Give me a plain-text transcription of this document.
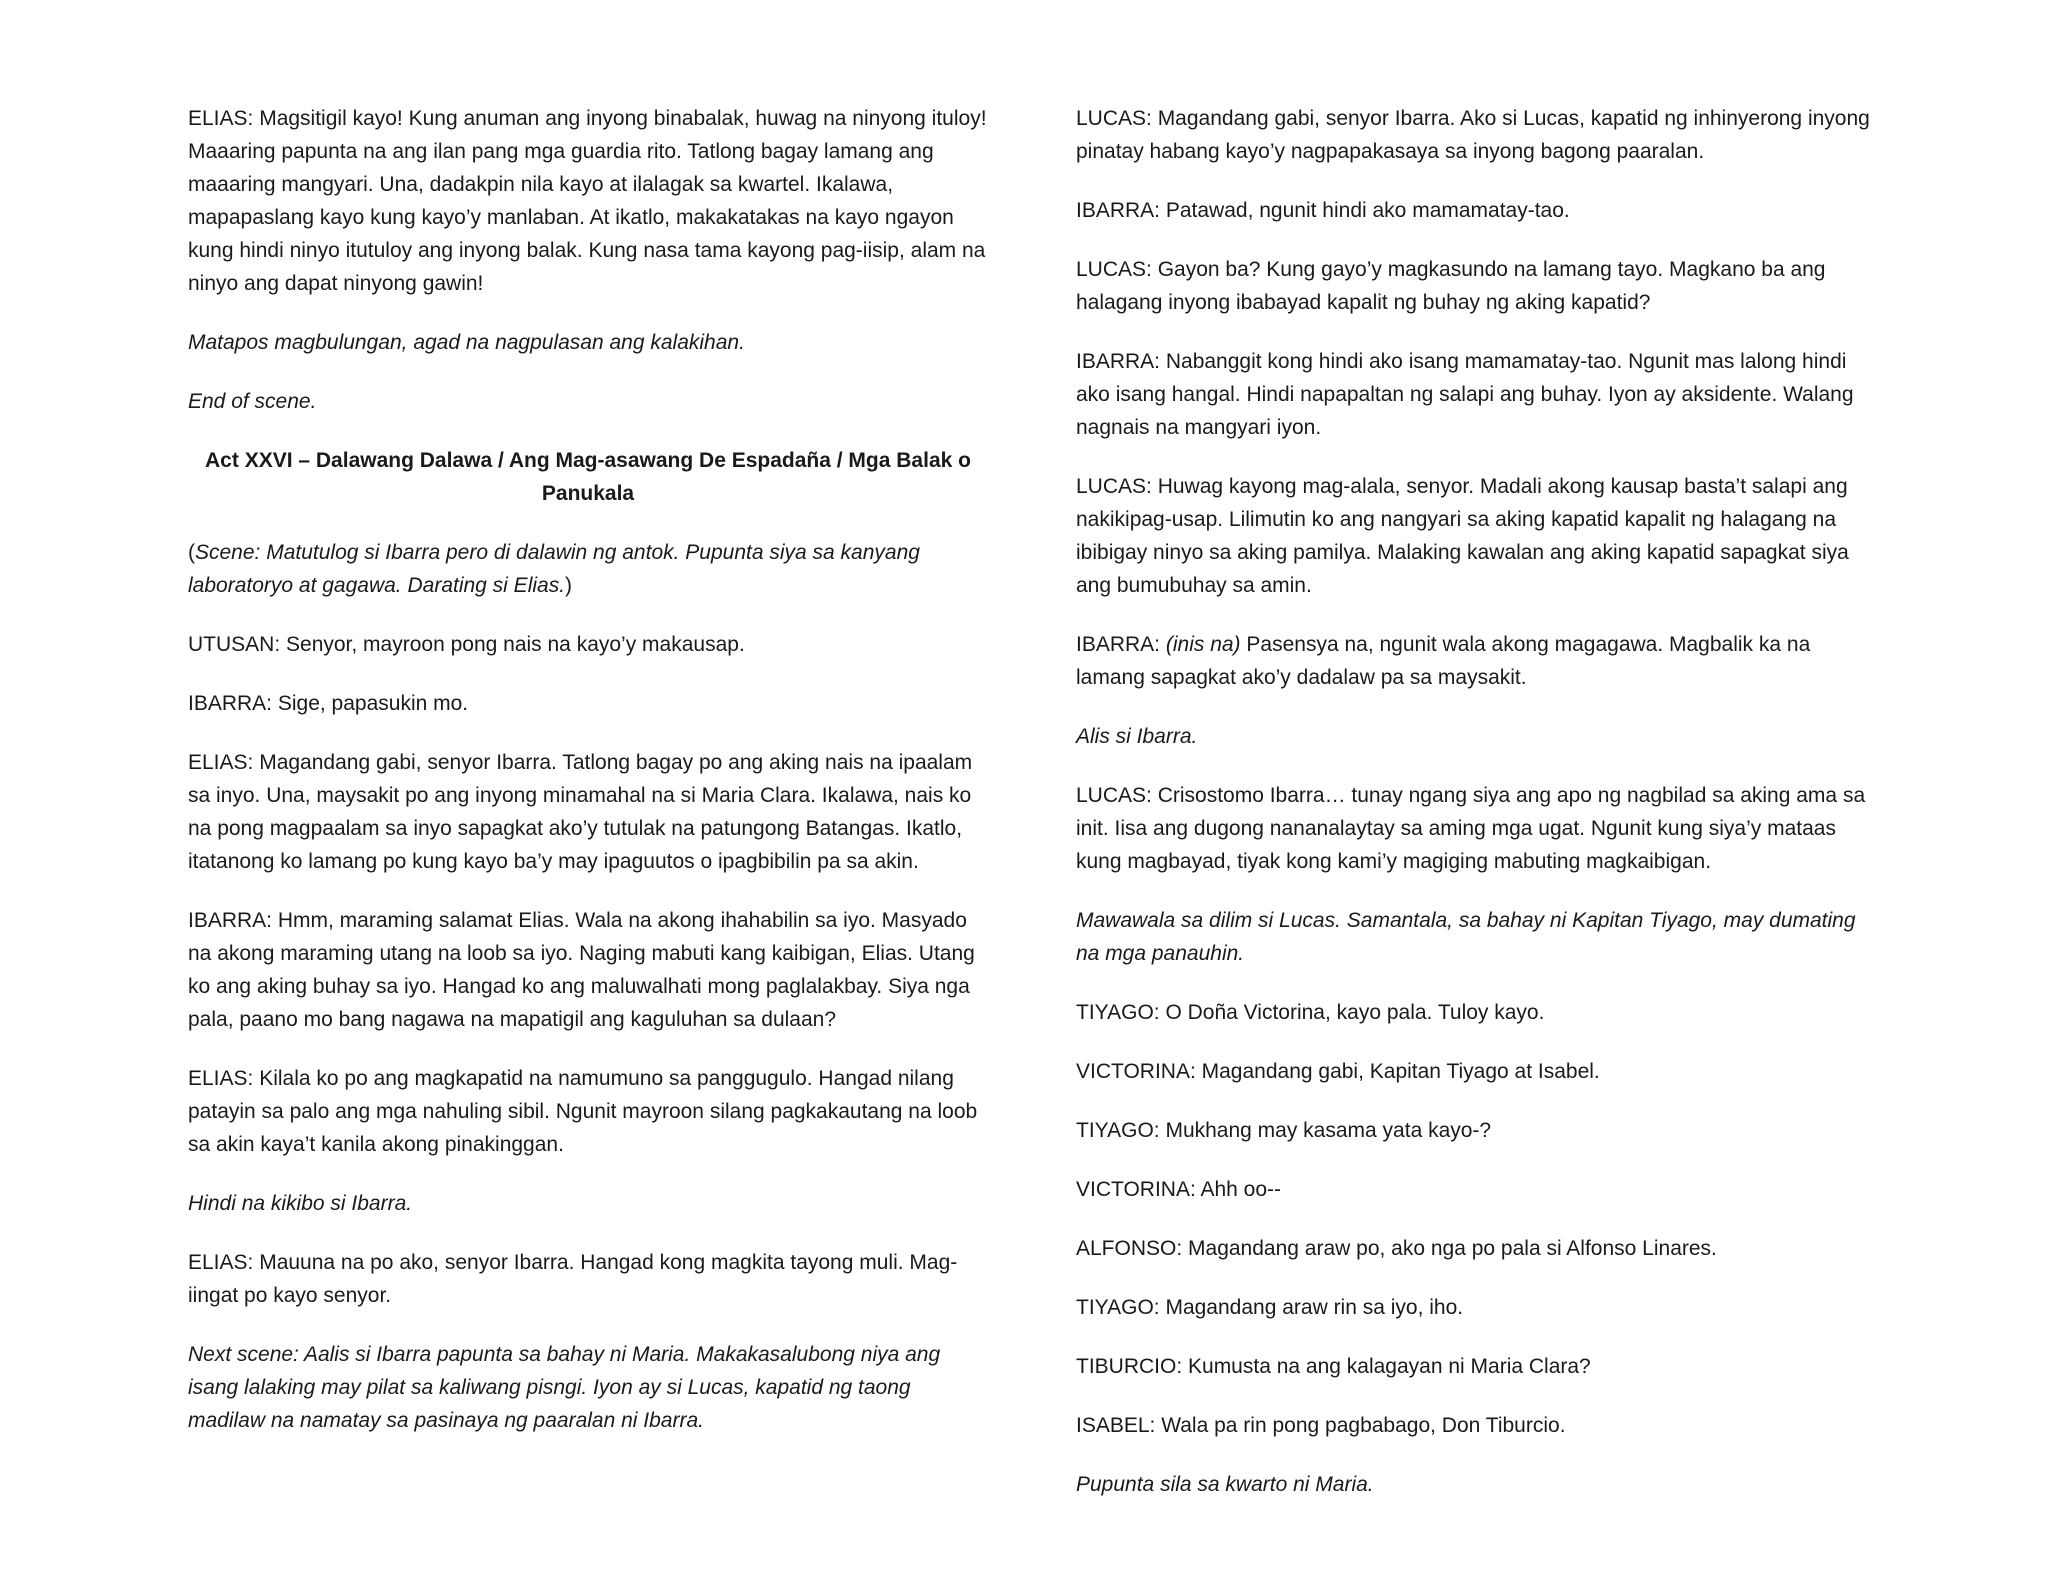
ELIAS: Magsitigil kayo! Kung anuman ang inyong binabalak, huwag na ninyong ituloy! Maaaring papunta na ang ilan pang mga guardia rito. Tatlong bagay lamang ang maaaring mangyari. Una, dadakpin nila kayo at ilalagak sa kwartel. Ikalawa, mapapaslang kayo kung kayo’y manlaban. At ikatlo, makakatakas na kayo ngayon kung hindi ninyo itutuloy ang inyong balak. Kung nasa tama kayong pag-iisip, alam na ninyo ang dapat ninyong gawin!

Matapos magbulungan, agad na nagpulasan ang kalakihan.

End of scene.

Act XXVI – Dalawang Dalawa / Ang Mag-asawang De Espadaña / Mga Balak o Panukala

(Scene: Matutulog si Ibarra pero di dalawin ng antok. Pupunta siya sa kanyang laboratoryo at gagawa. Darating si Elias.)

UTUSAN: Senyor, mayroon pong nais na kayo’y makausap.

IBARRA: Sige, papasukin mo.

ELIAS: Magandang gabi, senyor Ibarra. Tatlong bagay po ang aking nais na ipaalam sa inyo. Una, maysakit po ang inyong minamahal na si Maria Clara. Ikalawa, nais ko na pong magpaalam sa inyo sapagkat ako’y tutulak na patungong Batangas. Ikatlo, itatanong ko lamang po kung kayo ba’y may ipaguutos o ipagbibilin pa sa akin.

IBARRA: Hmm, maraming salamat Elias. Wala na akong ihahabilin sa iyo. Masyado na akong maraming utang na loob sa iyo. Naging mabuti kang kaibigan, Elias. Utang ko ang aking buhay sa iyo. Hangad ko ang maluwalhati mong paglalakbay. Siya nga pala, paano mo bang nagawa na mapatigil ang kaguluhan sa dulaan?

ELIAS: Kilala ko po ang magkapatid na namumuno sa panggugulo. Hangad nilang patayin sa palo ang mga nahuling sibil. Ngunit mayroon silang pagkakautang na loob sa akin kaya’t kanila akong pinakinggan.

Hindi na kikibo si Ibarra.

ELIAS: Mauuna na po ako, senyor Ibarra. Hangad kong magkita tayong muli. Mag-iingat po kayo senyor.

Next scene: Aalis si Ibarra papunta sa bahay ni Maria. Makakasalubong niya ang isang lalaking may pilat sa kaliwang pisngi. Iyon ay si Lucas, kapatid ng taong madilaw na namatay sa pasinaya ng paaralan ni Ibarra.

LUCAS: Magandang gabi, senyor Ibarra. Ako si Lucas, kapatid ng inhinyerong inyong pinatay habang kayo’y nagpapakasaya sa inyong bagong paaralan.

IBARRA: Patawad, ngunit hindi ako mamamatay-tao.

LUCAS: Gayon ba? Kung gayo’y magkasundo na lamang tayo. Magkano ba ang halagang inyong ibabayad kapalit ng buhay ng aking kapatid?

IBARRA: Nabanggit kong hindi ako isang mamamatay-tao. Ngunit mas lalong hindi ako isang hangal. Hindi napapaltan ng salapi ang buhay. Iyon ay aksidente. Walang nagnais na mangyari iyon.

LUCAS: Huwag kayong mag-alala, senyor. Madali akong kausap basta’t salapi ang nakikipag-usap. Lilimutin ko ang nangyari sa aking kapatid kapalit ng halagang na ibibigay ninyo sa aking pamilya. Malaking kawalan ang aking kapatid sapagkat siya ang bumubuhay sa amin.

IBARRA: (inis na) Pasensya na, ngunit wala akong magagawa. Magbalik ka na lamang sapagkat ako’y dadalaw pa sa maysakit.

Alis si Ibarra.

LUCAS: Crisostomo Ibarra… tunay ngang siya ang apo ng nagbilad sa aking ama sa init. Iisa ang dugong nananalaytay sa aming mga ugat. Ngunit kung siya’y mataas kung magbayad, tiyak kong kami’y magiging mabuting magkaibigan.

Mawawala sa dilim si Lucas. Samantala, sa bahay ni Kapitan Tiyago, may dumating na mga panauhin.

TIYAGO: O Doña Victorina, kayo pala. Tuloy kayo.

VICTORINA: Magandang gabi, Kapitan Tiyago at Isabel.

TIYAGO: Mukhang may kasama yata kayo-?

VICTORINA: Ahh oo--

ALFONSO: Magandang araw po, ako nga po pala si Alfonso Linares.

TIYAGO: Magandang araw rin sa iyo, iho.

TIBURCIO: Kumusta na ang kalagayan ni Maria Clara?

ISABEL: Wala pa rin pong pagbabago, Don Tiburcio.

Pupunta sila sa kwarto ni Maria.
